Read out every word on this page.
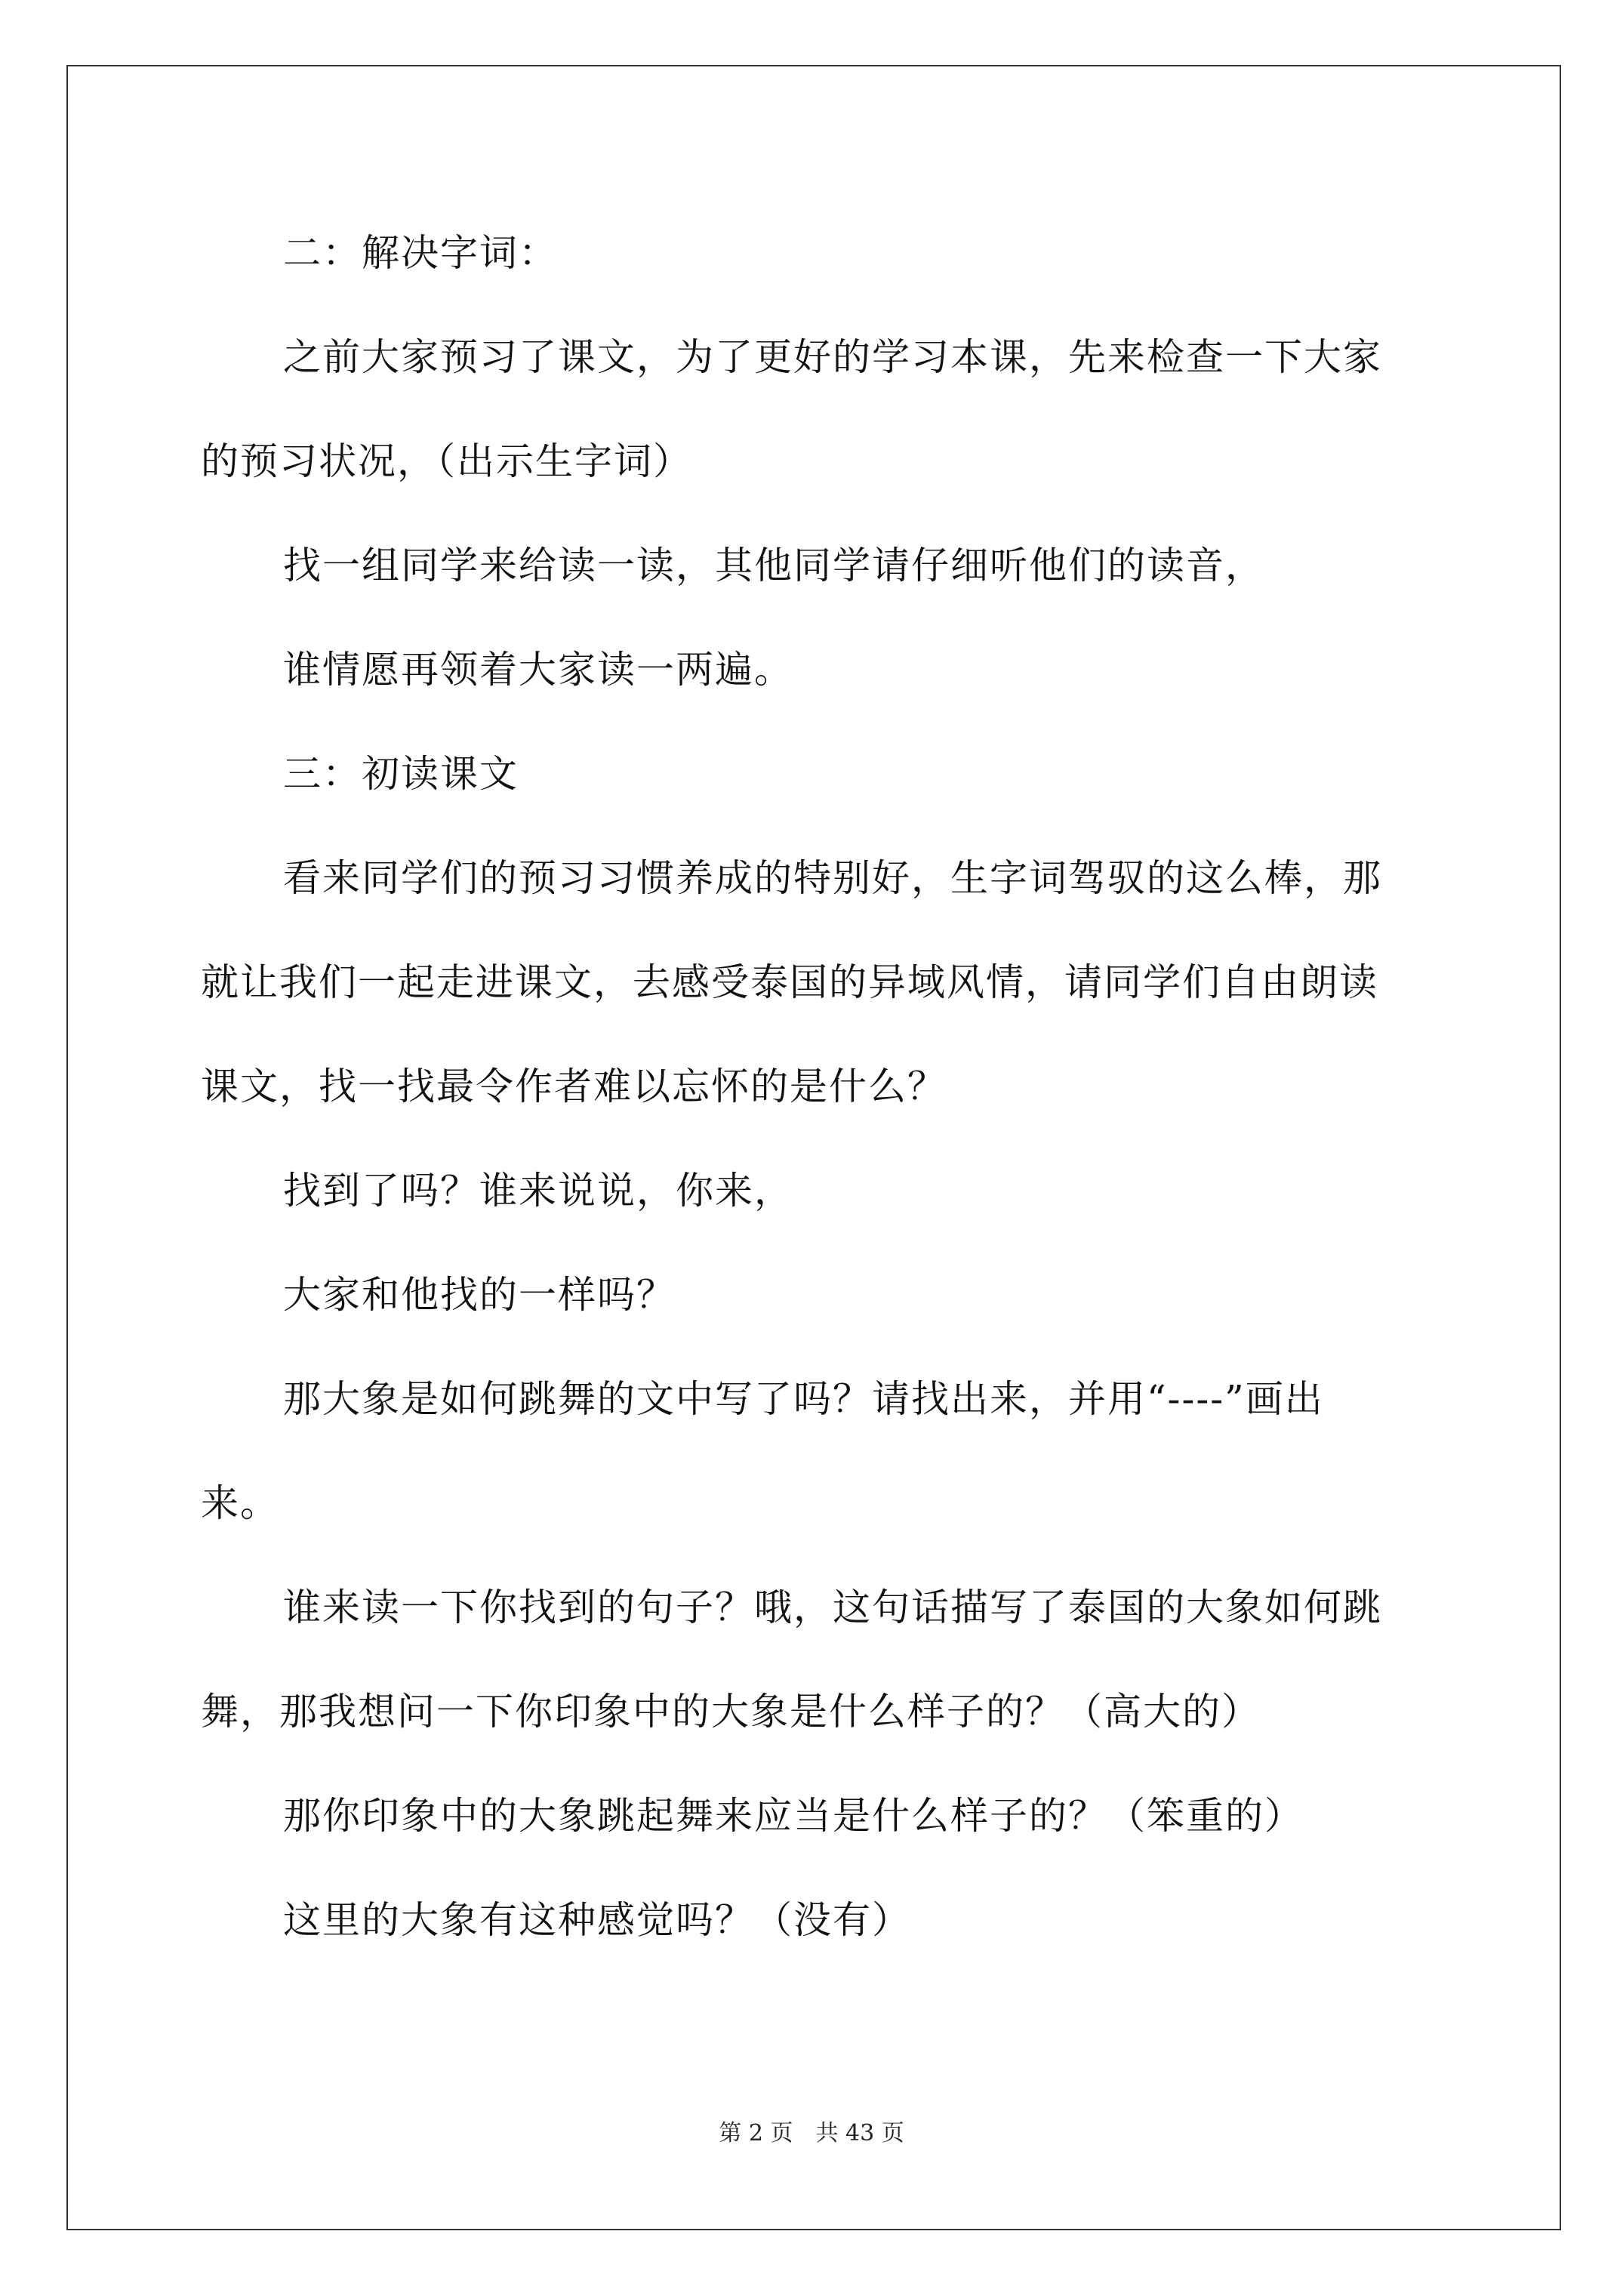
二：解决字词：
之前大家预习了课文，为了更好的学习本课，先来检查一下大家
的预习状况，（出示生字词）
找一组同学来给读一读，其他同学请仔细听他们的读音，
谁情愿再领着大家读一两遍。
三：初读课文
看来同学们的预习习惯养成的特别好，生字词驾驭的这么棒，那
就让我们一起走进课文，去感受泰国的异域风情，请同学们自由朗读
课文，找一找最令作者难以忘怀的是什么？
找到了吗？谁来说说，你来，
大家和他找的一样吗？
那大象是如何跳舞的文中写了吗？请找出来，并用“----”画出
来。
谁来读一下你找到的句子？哦，这句话描写了泰国的大象如何跳
舞，那我想问一下你印象中的大象是什么样子的？（高大的）
那你印象中的大象跳起舞来应当是什么样子的？（笨重的）
这里的大象有这种感觉吗？（没有）
第 2 页　共 43 页
